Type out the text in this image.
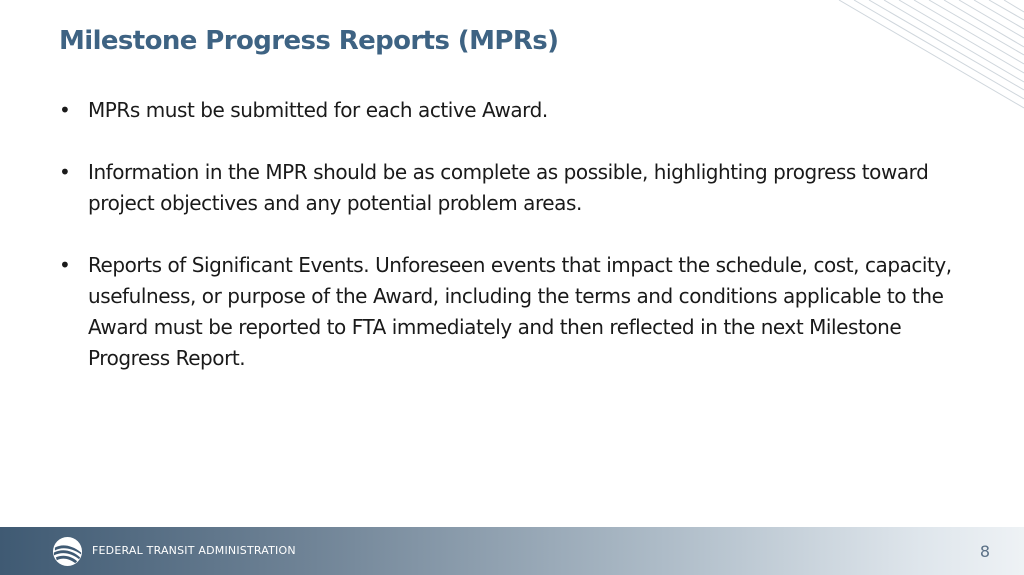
Milestone Progress Reports (MPRs)
• MPRs must be submitted for each active Award.
• Information in the MPR should be as complete as possible, highlighting progress toward project objectives and any potential problem areas.
• Reports of Significant Events. Unforeseen events that impact the schedule, cost, capacity, usefulness, or purpose of the Award, including the terms and conditions applicable to the Award must be reported to FTA immediately and then reflected in the next Milestone Progress Report.
FEDERAL TRANSIT ADMINISTRATION	8
